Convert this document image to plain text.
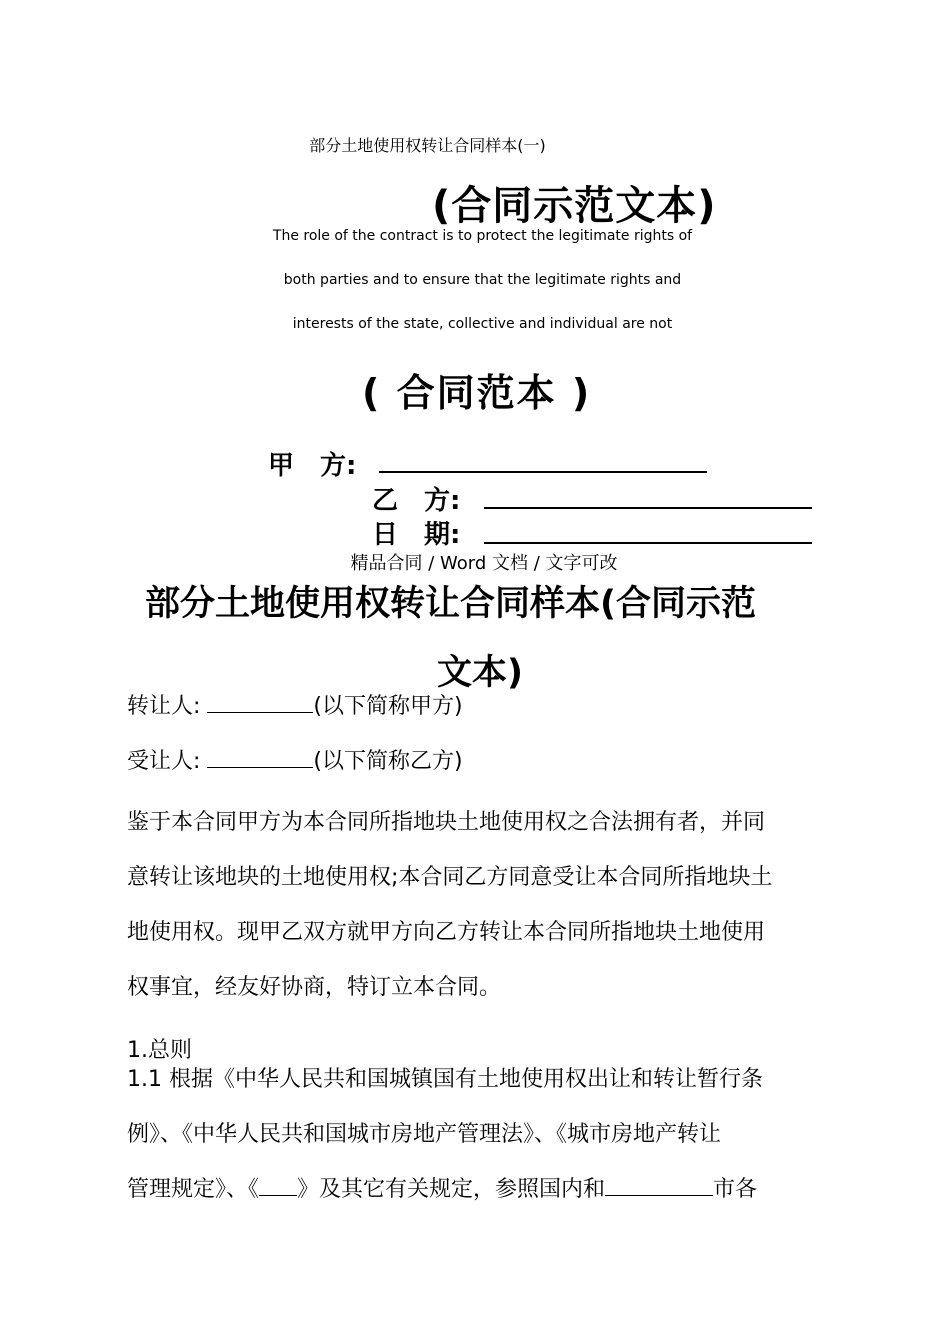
部分土地使用权转让合同样本(一)
(合同示范文本)
The role of the contract is to protect the legitimate rights of
both parties and to ensure that the legitimate rights and
interests of the state, collective and individual are not
( 合同范本 )
甲　方:
乙　方:
日　期:
精品合同 / Word 文档 / 文字可改
部分土地使用权转让合同样本(合同示范
文本)
转让人:	(以下简称甲方)
受让人:	(以下简称乙方)
鉴于本合同甲方为本合同所指地块土地使用权之合法拥有者，并同
意转让该地块的土地使用权;本合同乙方同意受让本合同所指地块土
地使用权。现甲乙双方就甲方向乙方转让本合同所指地块土地使用
权事宜，经友好协商，特订立本合同。
1.总则
1.1 根据《中华人民共和国城镇国有土地使用权出让和转让暂行条
例》、《中华人民共和国城市房地产管理法》、《城市房地产转让
管理规定》、《 》及其它有关规定，参照国内和	市各
